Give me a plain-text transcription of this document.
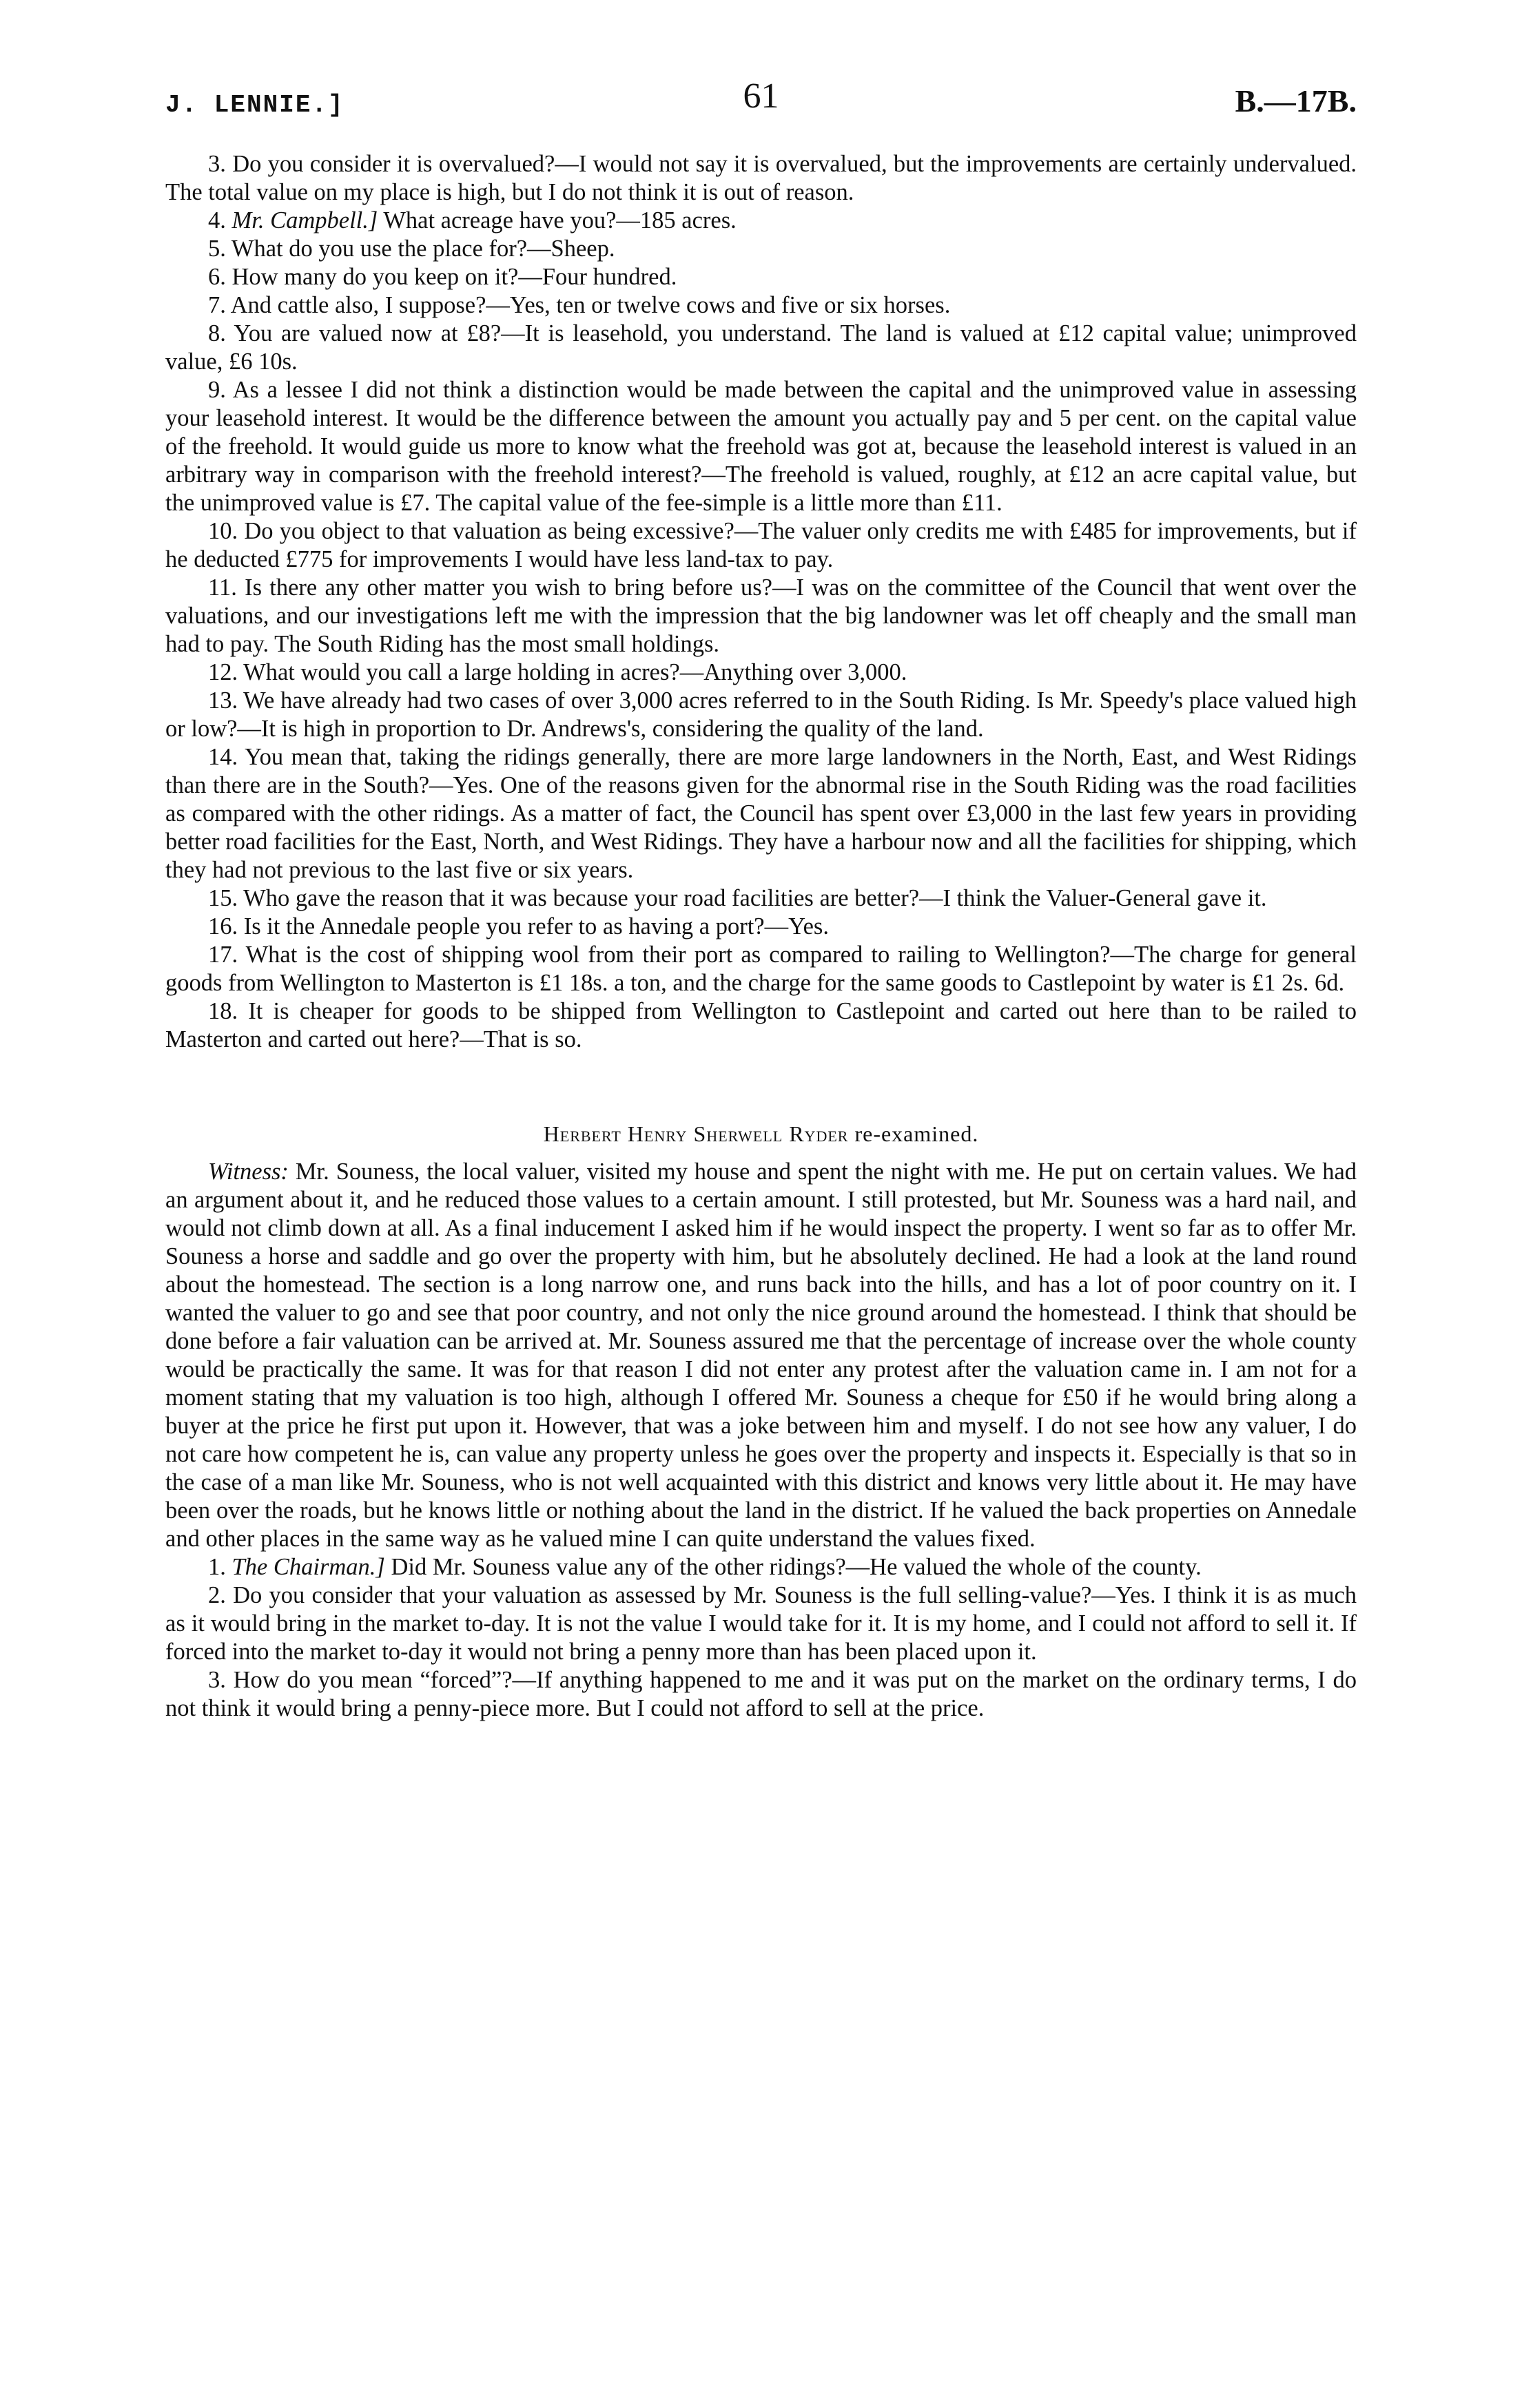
J. LENNIE.]	61	B.—17B.

3. Do you consider it is overvalued?—I would not say it is overvalued, but the improvements are certainly undervalued. The total value on my place is high, but I do not think it is out of reason.

4. Mr. Campbell.] What acreage have you?—185 acres.

5. What do you use the place for?—Sheep.

6. How many do you keep on it?—Four hundred.

7. And cattle also, I suppose?—Yes, ten or twelve cows and five or six horses.

8. You are valued now at £8?—It is leasehold, you understand. The land is valued at £12 capital value; unimproved value, £6 10s.

9. As a lessee I did not think a distinction would be made between the capital and the unimproved value in assessing your leasehold interest. It would be the difference between the amount you actually pay and 5 per cent. on the capital value of the freehold. It would guide us more to know what the freehold was got at, because the leasehold interest is valued in an arbitrary way in comparison with the freehold interest?—The freehold is valued, roughly, at £12 an acre capital value, but the unimproved value is £7. The capital value of the fee-simple is a little more than £11.

10. Do you object to that valuation as being excessive?—The valuer only credits me with £485 for improvements, but if he deducted £775 for improvements I would have less land-tax to pay.

11. Is there any other matter you wish to bring before us?—I was on the committee of the Council that went over the valuations, and our investigations left me with the impression that the big landowner was let off cheaply and the small man had to pay. The South Riding has the most small holdings.

12. What would you call a large holding in acres?—Anything over 3,000.

13. We have already had two cases of over 3,000 acres referred to in the South Riding. Is Mr. Speedy's place valued high or low?—It is high in proportion to Dr. Andrews's, considering the quality of the land.

14. You mean that, taking the ridings generally, there are more large landowners in the North, East, and West Ridings than there are in the South?—Yes. One of the reasons given for the abnormal rise in the South Riding was the road facilities as compared with the other ridings. As a matter of fact, the Council has spent over £3,000 in the last few years in providing better road facilities for the East, North, and West Ridings. They have a harbour now and all the facilities for shipping, which they had not previous to the last five or six years.

15. Who gave the reason that it was because your road facilities are better?—I think the Valuer-General gave it.

16. Is it the Annedale people you refer to as having a port?—Yes.

17. What is the cost of shipping wool from their port as compared to railing to Wellington?—The charge for general goods from Wellington to Masterton is £1 18s. a ton, and the charge for the same goods to Castlepoint by water is £1 2s. 6d.

18. It is cheaper for goods to be shipped from Wellington to Castlepoint and carted out here than to be railed to Masterton and carted out here?—That is so.

Herbert Henry Sherwell Ryder re-examined.

Witness: Mr. Souness, the local valuer, visited my house and spent the night with me. He put on certain values. We had an argument about it, and he reduced those values to a certain amount. I still protested, but Mr. Souness was a hard nail, and would not climb down at all. As a final inducement I asked him if he would inspect the property. I went so far as to offer Mr. Souness a horse and saddle and go over the property with him, but he absolutely declined. He had a look at the land round about the homestead. The section is a long narrow one, and runs back into the hills, and has a lot of poor country on it. I wanted the valuer to go and see that poor country, and not only the nice ground around the homestead. I think that should be done before a fair valuation can be arrived at. Mr. Souness assured me that the percentage of increase over the whole county would be practically the same. It was for that reason I did not enter any protest after the valuation came in. I am not for a moment stating that my valuation is too high, although I offered Mr. Souness a cheque for £50 if he would bring along a buyer at the price he first put upon it. However, that was a joke between him and myself. I do not see how any valuer, I do not care how competent he is, can value any property unless he goes over the property and inspects it. Especially is that so in the case of a man like Mr. Souness, who is not well acquainted with this district and knows very little about it. He may have been over the roads, but he knows little or nothing about the land in the district. If he valued the back properties on Annedale and other places in the same way as he valued mine I can quite understand the values fixed.

1. The Chairman.] Did Mr. Souness value any of the other ridings?—He valued the whole of the county.

2. Do you consider that your valuation as assessed by Mr. Souness is the full selling-value?—Yes. I think it is as much as it would bring in the market to-day. It is not the value I would take for it. It is my home, and I could not afford to sell it. If forced into the market to-day it would not bring a penny more than has been placed upon it.

3. How do you mean “forced”?—If anything happened to me and it was put on the market on the ordinary terms, I do not think it would bring a penny-piece more. But I could not afford to sell at the price.
